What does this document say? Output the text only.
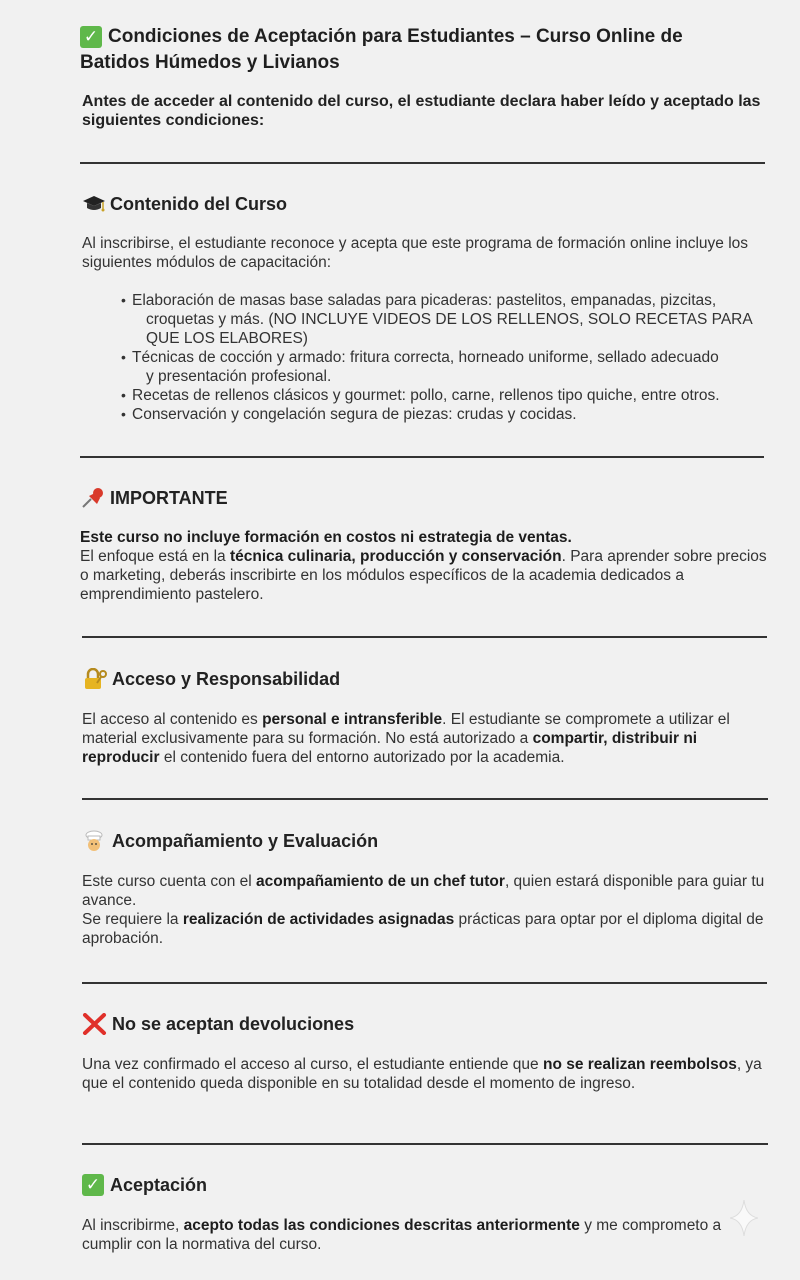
✓ Condiciones de Aceptación para Estudiantes – Curso Online de Batidos Húmedos y Livianos
Antes de acceder al contenido del curso, el estudiante declara haber leído y aceptado las siguientes condiciones:
Contenido del Curso
Al inscribirse, el estudiante reconoce y acepta que este programa de formación online incluye los siguientes módulos de capacitación:
• Elaboración de masas base saladas para picaderas: pastelitos, empanadas, pizcitas,
croquetas y más. (NO INCLUYE VIDEOS DE LOS RELLENOS, SOLO RECETAS PARA QUE LOS ELABORES)
• Técnicas de cocción y armado: fritura correcta, horneado uniforme, sellado adecuado
y presentación profesional.
• Recetas de rellenos clásicos y gourmet: pollo, carne, rellenos tipo quiche, entre otros.
• Conservación y congelación segura de piezas: crudas y cocidas.
IMPORTANTE
Este curso no incluye formación en costos ni estrategia de ventas.
El enfoque está en la técnica culinaria, producción y conservación. Para aprender sobre precios o marketing, deberás inscribirte en los módulos específicos de la academia dedicados a emprendimiento pastelero.
Acceso y Responsabilidad
El acceso al contenido es personal e intransferible. El estudiante se compromete a utilizar el material exclusivamente para su formación. No está autorizado a compartir, distribuir ni reproducir el contenido fuera del entorno autorizado por la academia.
Acompañamiento y Evaluación
Este curso cuenta con el acompañamiento de un chef tutor, quien estará disponible para guiar tu avance.
Se requiere la realización de actividades asignadas prácticas para optar por el diploma digital de aprobación.
No se aceptan devoluciones
Una vez confirmado el acceso al curso, el estudiante entiende que no se realizan reembolsos, ya que el contenido queda disponible en su totalidad desde el momento de ingreso.
✓ Aceptación
Al inscribirme, acepto todas las condiciones descritas anteriormente y me comprometo a cumplir con la normativa del curso.
